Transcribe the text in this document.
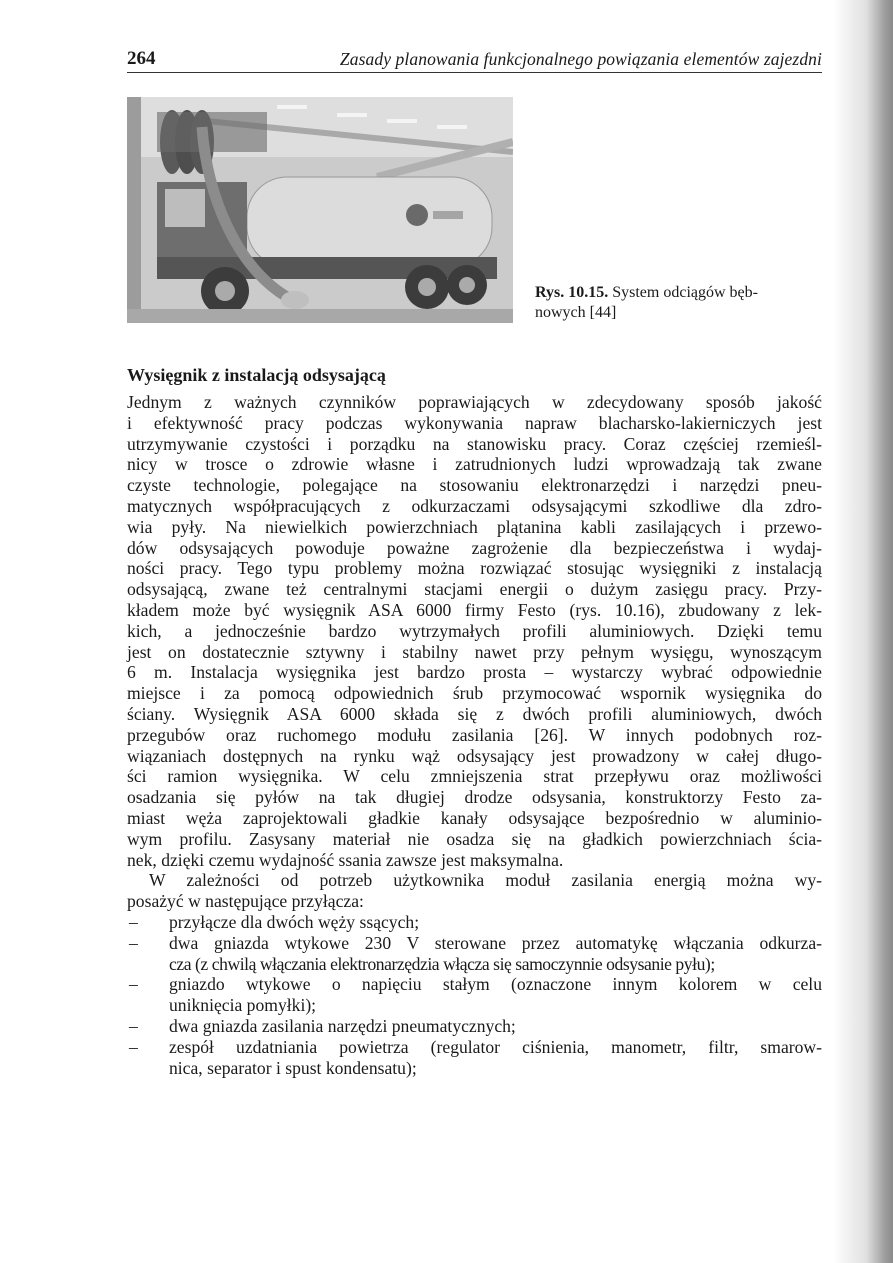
264	Zasady planowania funkcjonalnego powiązania elementów zajezdni
Rys. 10.15. System odciągów bęb-
nowych [44]
Wysięgnik z instalacją odsysającą

Jednym z ważnych czynników poprawiających w zdecydowany sposób jakość
i efektywność pracy podczas wykonywania napraw blacharsko-lakierniczych jest
utrzymywanie czystości i porządku na stanowisku pracy. Coraz częściej rzemieśl-
nicy w trosce o zdrowie własne i zatrudnionych ludzi wprowadzają tak zwane
czyste technologie, polegające na stosowaniu elektronarzędzi i narzędzi pneu-
matycznych współpracujących z odkurzaczami odsysającymi szkodliwe dla zdro-
wia pyły. Na niewielkich powierzchniach plątanina kabli zasilających i przewo-
dów odsysających powoduje poważne zagrożenie dla bezpieczeństwa i wydaj-
ności pracy. Tego typu problemy można rozwiązać stosując wysięgniki z instalacją
odsysającą, zwane też centralnymi stacjami energii o dużym zasięgu pracy. Przy-
kładem może być wysięgnik ASA 6000 firmy Festo (rys. 10.16), zbudowany z lek-
kich, a jednocześnie bardzo wytrzymałych profili aluminiowych. Dzięki temu
jest on dostatecznie sztywny i stabilny nawet przy pełnym wysięgu, wynoszącym
6 m. Instalacja wysięgnika jest bardzo prosta – wystarczy wybrać odpowiednie
miejsce i za pomocą odpowiednich śrub przymocować wspornik wysięgnika do
ściany. Wysięgnik ASA 6000 składa się z dwóch profili aluminiowych, dwóch
przegubów oraz ruchomego modułu zasilania [26]. W innych podobnych roz-
wiązaniach dostępnych na rynku wąż odsysający jest prowadzony w całej długo-
ści ramion wysięgnika. W celu zmniejszenia strat przepływu oraz możliwości
osadzania się pyłów na tak długiej drodze odsysania, konstruktorzy Festo za-
miast węża zaprojektowali gładkie kanały odsysające bezpośrednio w aluminio-
wym profilu. Zasysany materiał nie osadza się na gładkich powierzchniach ścia-
nek, dzięki czemu wydajność ssania zawsze jest maksymalna.

W zależności od potrzeb użytkownika moduł zasilania energią można wy-
posażyć w następujące przyłącza:

– przyłącze dla dwóch węży ssących;
– dwa gniazda wtykowe 230 V sterowane przez automatykę włączania odkurza-
cza (z chwilą włączania elektronarzędzia włącza się samoczynnie odsysanie pyłu);
– gniazdo wtykowe o napięciu stałym (oznaczone innym kolorem w celu
uniknięcia pomyłki);
– dwa gniazda zasilania narzędzi pneumatycznych;
– zespół uzdatniania powietrza (regulator ciśnienia, manometr, filtr, smarow-
nica, separator i spust kondensatu);
